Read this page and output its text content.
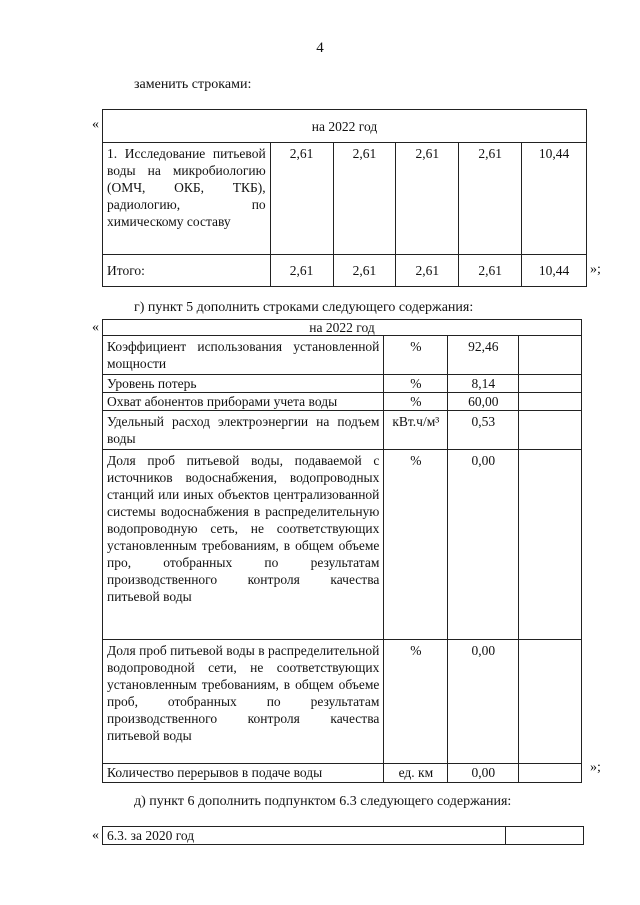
4
заменить строками:
«	на 2022 год					
1. Исследование питьевой воды на микробиологию (ОМЧ, ОКБ, ТКБ), радиологию, по химическому составу	2,61	2,61	2,61	2,61	10,44
Итого:	2,61	2,61	2,61	2,61	10,44 »;
г) пункт 5 дополнить строками следующего содержания:
«	на 2022 год			
Коэффициент использования установленной мощности	%	92,46	
Уровень потерь	%	8,14	
Охват абонентов приборами учета воды	%	60,00	
Удельный расход электроэнергии на подъем воды	кВт.ч/м³	0,53	
Доля проб питьевой воды, подаваемой с источников водоснабжения, водопроводных станций или иных объектов централизованной системы водоснабжения в распределительную водопроводную сеть, не соответствующих установленным требованиям, в общем объеме про, отобранных по результатам производственного контроля качества питьевой воды	%	0,00	
Доля проб питьевой воды в распределительной водопроводной сети, не соответствующих установленным требованиям, в общем объеме проб, отобранных по результатам производственного контроля качества питьевой воды	%	0,00	
Количество перерывов в подаче воды	ед. км	0,00		»;
д) пункт 6 дополнить подпунктом 6.3 следующего содержания:
« 6.3. за 2020 год	
